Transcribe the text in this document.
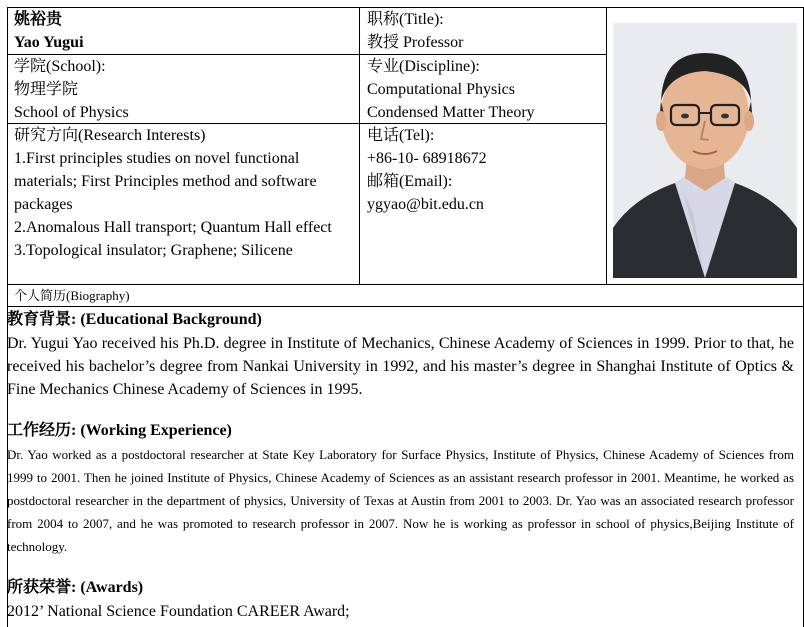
姚裕贵
Yao Yugui
职称(Title):
教授 Professor
学院(School):
物理学院
School of Physics
专业(Discipline):
Computational Physics
Condensed Matter Theory
研究方向(Research Interests)
1.First principles studies on novel functional materials; First Principles method and software packages
2.Anomalous Hall transport; Quantum Hall effect
3.Topological insulator; Graphene; Silicene
电话(Tel):
+86-10- 68918672
邮箱(Email):
ygyao@bit.edu.cn
个人简历(Biography)

教育背景: (Educational Background)

Dr. Yugui Yao received his Ph.D. degree in Institute of Mechanics, Chinese Academy of Sciences in 1999. Prior to that, he received his bachelor’s degree from Nankai University in 1992, and his master’s degree in Shanghai Institute of Optics & Fine Mechanics Chinese Academy of Sciences in 1995.

工作经历: (Working Experience)

Dr. Yao worked as a postdoctoral researcher at State Key Laboratory for Surface Physics, Institute of Physics, Chinese Academy of Sciences from 1999 to 2001. Then he joined Institute of Physics, Chinese Academy of Sciences as an assistant research professor in 2001. Meantime, he worked as postdoctoral researcher in the department of physics, University of Texas at Austin from 2001 to 2003. Dr. Yao was an associated research professor from 2004 to 2007, and he was promoted to research professor in 2007. Now he is working as professor in school of physics,Beijing Institute of technology.

所获荣誉: (Awards)

2012’ National Science Foundation CAREER Award;
